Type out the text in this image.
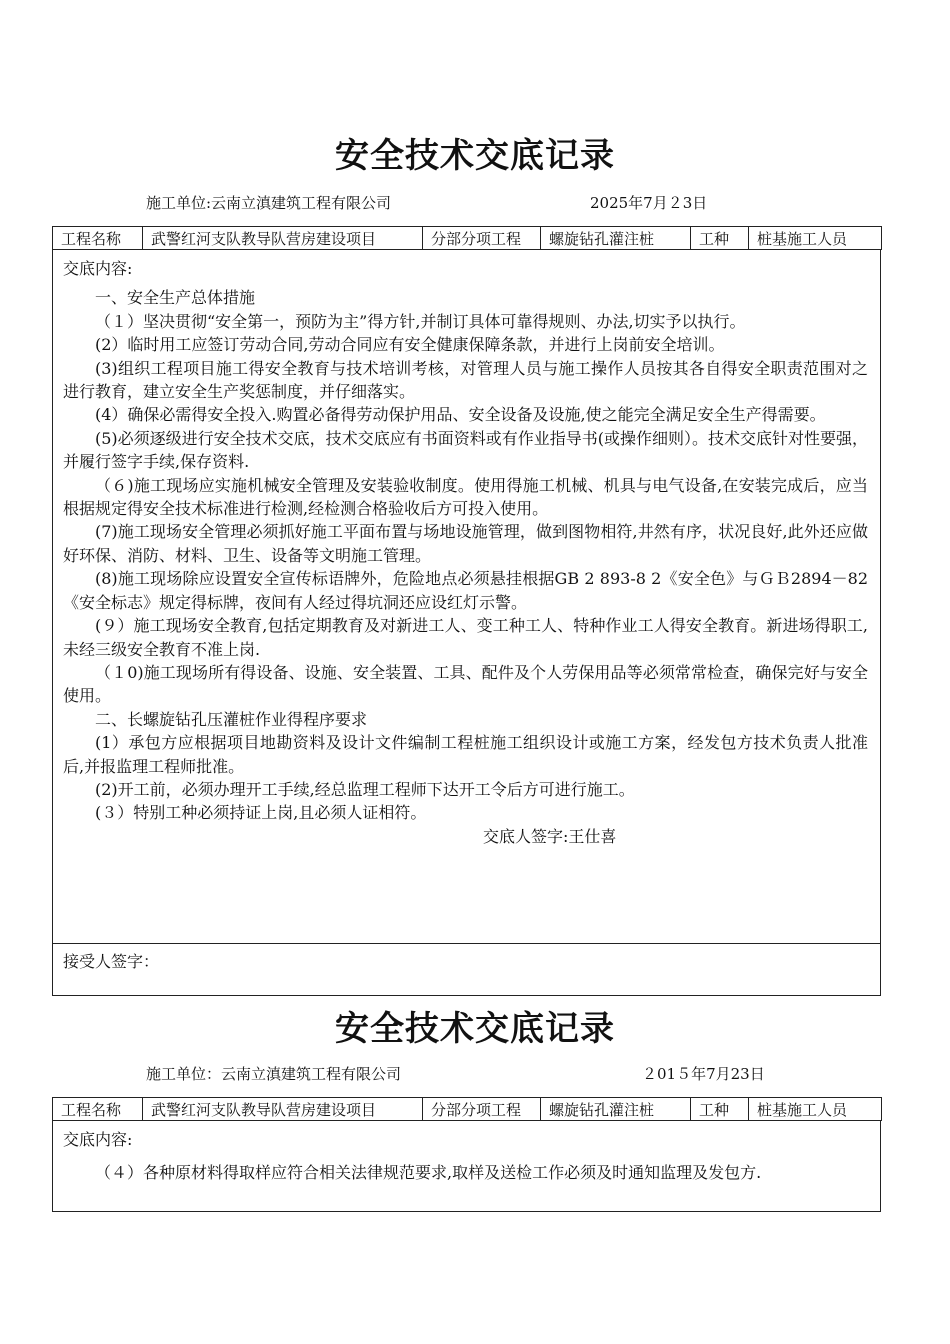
安全技术交底记录
施工单位:云南立滇建筑工程有限公司	2025年7月２3日
工程名称	武警红河支队教导队营房建设项目	分部分项工程	螺旋钻孔灌注桩	工种	桩基施工人员

交底内容:

一、安全生产总体措施

（１）坚决贯彻“安全第一，预防为主”得方针,并制订具体可靠得规则、办法,切实予以执行。

(2）临时用工应签订劳动合同,劳动合同应有安全健康保障条款，并进行上岗前安全培训。

(3)组织工程项目施工得安全教育与技术培训考核，对管理人员与施工操作人员按其各自得安全职责范围对之进行教育，建立安全生产奖惩制度，并仔细落实。

(4）确保必需得安全投入.购置必备得劳动保护用品、安全设备及设施,使之能完全满足安全生产得需要。

(5)必须逐级进行安全技术交底，技术交底应有书面资料或有作业指导书(或操作细则）。技术交底针对性要强，并履行签字手续,保存资料.

（６)施工现场应实施机械安全管理及安装验收制度。使用得施工机械、机具与电气设备,在安装完成后，应当根据规定得安全技术标准进行检测,经检测合格验收后方可投入使用。

(7)施工现场安全管理必须抓好施工平面布置与场地设施管理，做到图物相符,井然有序，状况良好,此外还应做好环保、消防、材料、卫生、设备等文明施工管理。

(8)施工现场除应设置安全宣传标语牌外，危险地点必须悬挂根据GB 2 893-8 2《安全色》与ＧＢ2894－82《安全标志》规定得标牌，夜间有人经过得坑洞还应设红灯示警。

(９）施工现场安全教育,包括定期教育及对新进工人、变工种工人、特种作业工人得安全教育。新进场得职工,未经三级安全教育不准上岗.

（１0)施工现场所有得设备、设施、安全装置、工具、配件及个人劳保用品等必须常常检查，确保完好与安全使用。

二、长螺旋钻孔压灌桩作业得程序要求

(1）承包方应根据项目地勘资料及设计文件编制工程桩施工组织设计或施工方案，经发包方技术负责人批准后,并报监理工程师批准。

(2)开工前，必须办理开工手续,经总监理工程师下达开工令后方可进行施工。

(３）特别工种必须持证上岗,且必须人证相符。

交底人签字:王仕喜

接受人签字：
安全技术交底记录
施工单位：云南立滇建筑工程有限公司	２01５年7月23日
工程名称	武警红河支队教导队营房建设项目	分部分项工程	螺旋钻孔灌注桩	工种	桩基施工人员

交底内容:

（４）各种原材料得取样应符合相关法律规范要求,取样及送检工作必须及时通知监理及发包方.
